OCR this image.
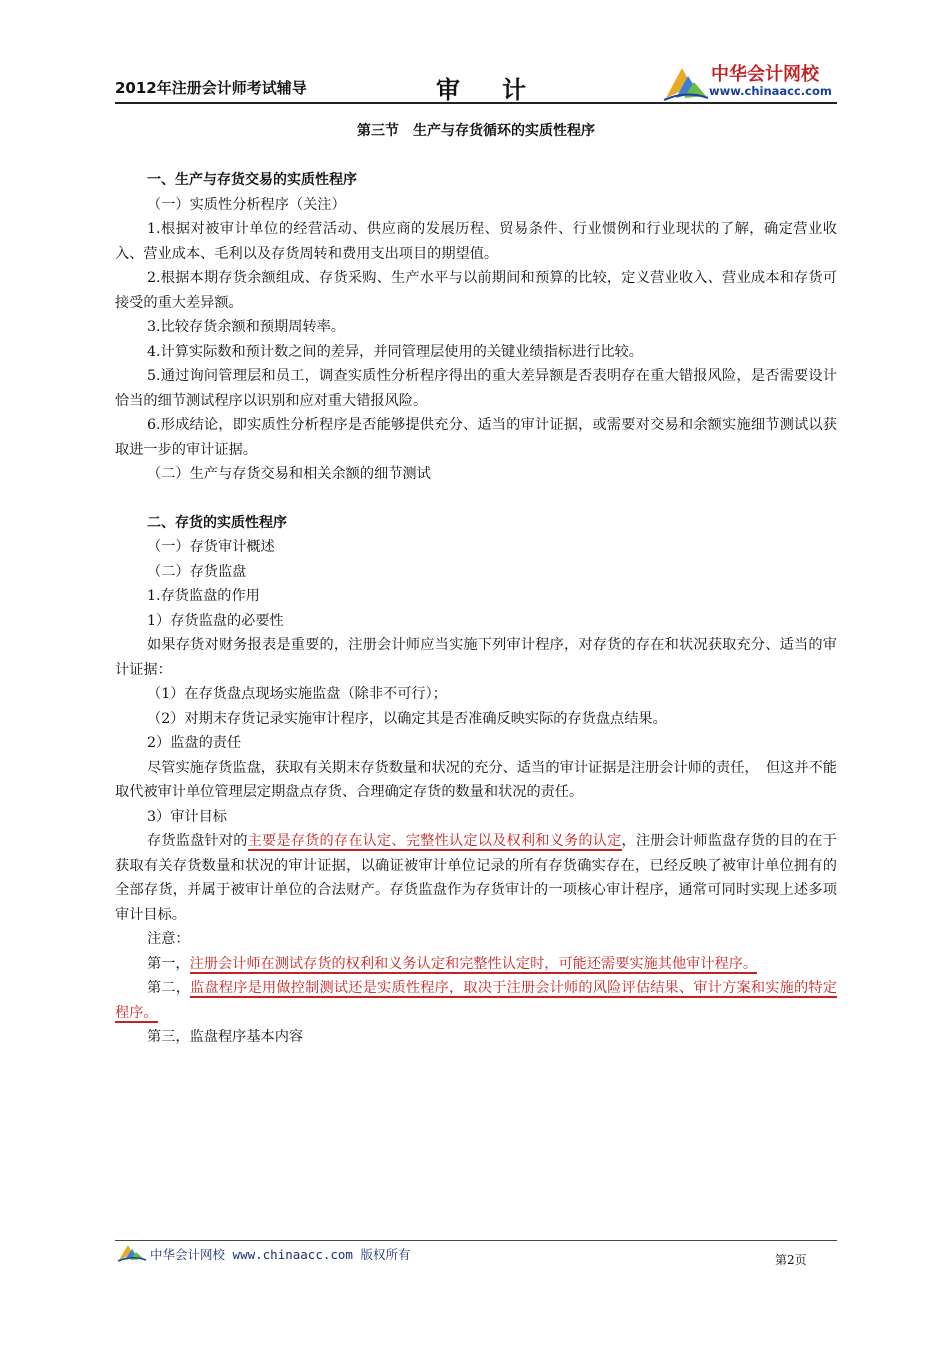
2012年注册会计师考试辅导	审计
中华会计网校
www.chinaacc.com
第三节　生产与存货循环的实质性程序

一、生产与存货交易的实质性程序

（一）实质性分析程序（关注）

1.根据对被审计单位的经营活动、供应商的发展历程、贸易条件、行业惯例和行业现状的了解，确定营业收入、营业成本、毛利以及存货周转和费用支出项目的期望值。

2.根据本期存货余额组成、存货采购、生产水平与以前期间和预算的比较，定义营业收入、营业成本和存货可接受的重大差异额。

3.比较存货余额和预期周转率。

4.计算实际数和预计数之间的差异，并同管理层使用的关键业绩指标进行比较。

5.通过询问管理层和员工，调查实质性分析程序得出的重大差异额是否表明存在重大错报风险，是否需要设计恰当的细节测试程序以识别和应对重大错报风险。

6.形成结论，即实质性分析程序是否能够提供充分、适当的审计证据，或需要对交易和余额实施细节测试以获取进一步的审计证据。

（二）生产与存货交易和相关余额的细节测试

二、存货的实质性程序

（一）存货审计概述

（二）存货监盘

1.存货监盘的作用

1）存货监盘的必要性

如果存货对财务报表是重要的，注册会计师应当实施下列审计程序，对存货的存在和状况获取充分、适当的审计证据：

（1）在存货盘点现场实施监盘（除非不可行）；

（2）对期末存货记录实施审计程序，以确定其是否准确反映实际的存货盘点结果。

2）监盘的责任

尽管实施存货监盘，获取有关期末存货数量和状况的充分、适当的审计证据是注册会计师的责任，　但这并不能取代被审计单位管理层定期盘点存货、合理确定存货的数量和状况的责任。

3）审计目标

存货监盘针对的主要是存货的存在认定、完整性认定以及权利和义务的认定，注册会计师监盘存货的目的在于获取有关存货数量和状况的审计证据，以确证被审计单位记录的所有存货确实存在，已经反映了被审计单位拥有的全部存货，并属于被审计单位的合法财产。存货监盘作为存货审计的一项核心审计程序，通常可同时实现上述多项审计目标。

注意：

第一，注册会计师在测试存货的权利和义务认定和完整性认定时，可能还需要实施其他审计程序。

第二，监盘程序是用做控制测试还是实质性程序，取决于注册会计师的风险评估结果、审计方案和实施的特定程序。

第三，监盘程序基本内容

中华会计网校 www.chinaacc.com 版权所有	第2页
